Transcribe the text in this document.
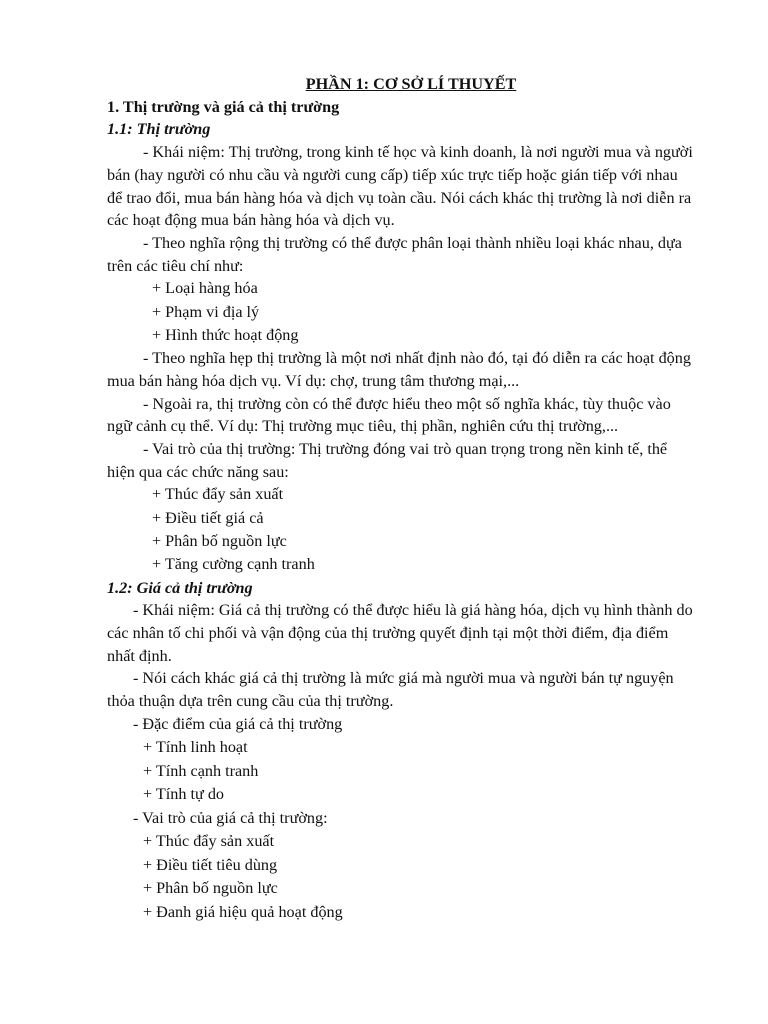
PHẦN 1: CƠ SỞ LÍ THUYẾT

1. Thị trường và giá cả thị trường

1.1: Thị trường

- Khái niệm: Thị trường, trong kinh tế học và kinh doanh, là nơi người mua và người bán (hay người có nhu cầu và người cung cấp) tiếp xúc trực tiếp hoặc gián tiếp với nhau để trao đổi, mua bán hàng hóa và dịch vụ toàn cầu. Nói cách khác thị trường là nơi diễn ra các hoạt động mua bán hàng hóa và dịch vụ.

- Theo nghĩa rộng thị trường có thể được phân loại thành nhiều loại khác nhau, dựa trên các tiêu chí như:

+ Loại hàng hóa

+ Phạm vi địa lý

+ Hình thức hoạt động

- Theo nghĩa hẹp thị trường là một nơi nhất định nào đó, tại đó diễn ra các hoạt động mua bán hàng hóa dịch vụ. Ví dụ: chợ, trung tâm thương mại,...

- Ngoài ra, thị trường còn có thể được hiểu theo một số nghĩa khác, tùy thuộc vào ngữ cảnh cụ thể. Ví dụ: Thị trường mục tiêu, thị phần, nghiên cứu thị trường,...

- Vai trò của thị trường: Thị trường đóng vai trò quan trọng trong nền kinh tế, thể hiện qua các chức năng sau:

+ Thúc đẩy sản xuất

+ Điều tiết giá cả

+ Phân bố nguồn lực

+ Tăng cường cạnh tranh

1.2: Giá cả thị trường

- Khái niệm: Giá cả thị trường có thể được hiểu là giá hàng hóa, dịch vụ hình thành do các nhân tố chi phối và vận động của thị trường quyết định tại một thời điểm, địa điểm nhất định.

- Nói cách khác giá cả thị trường là mức giá mà người mua và người bán tự nguyện thỏa thuận dựa trên cung cầu của thị trường.

- Đặc điểm của giá cả thị trường

+ Tính linh hoạt

+ Tính cạnh tranh

+ Tính tự do

- Vai trò của giá cả thị trường:

+ Thúc đẩy sản xuất

+ Điều tiết tiêu dùng

+ Phân bố nguồn lực

+ Đanh giá hiệu quả hoạt động
